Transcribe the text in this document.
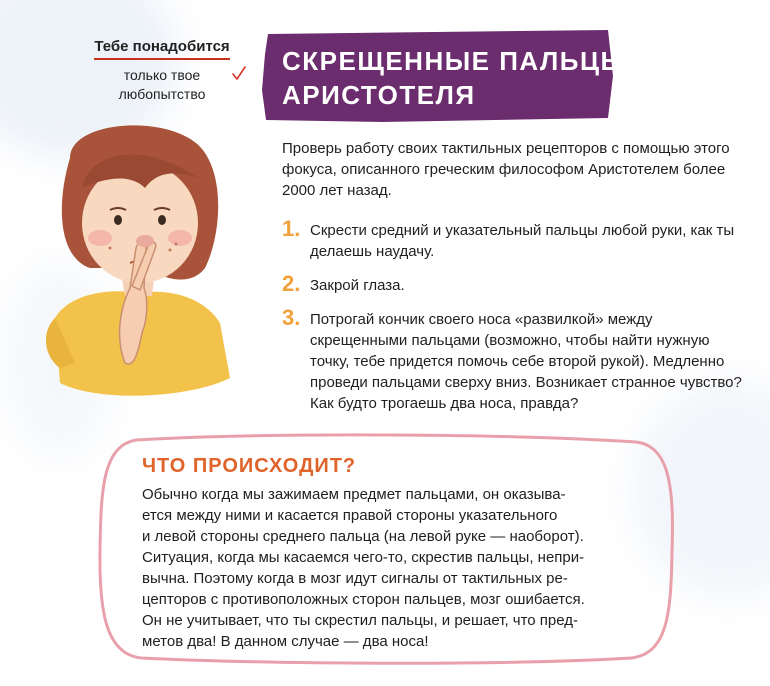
Тебе понадобится
только твое
любопытство
СКРЕЩЕННЫЕ ПАЛЬЦЫ
АРИСТОТЕЛЯ
Проверь работу своих тактильных рецепторов с помощью этого фокуса, описанного греческим философом Аристотелем более 2000 лет назад.
1. Скрести средний и указательный пальцы любой руки, как ты делаешь наудачу.
2. Закрой глаза.
3. Потрогай кончик своего носа «развилкой» между скрещенными пальцами (возможно, чтобы найти нужную точку, тебе придется помочь себе второй рукой). Медленно проведи пальцами сверху вниз. Возникает странное чувство? Как будто трогаешь два носа, правда?
ЧТО ПРОИСХОДИТ?
Обычно когда мы зажимаем предмет пальцами, он оказыва-
ется между ними и касается правой стороны указательного
и левой стороны среднего пальца (на левой руке — наоборот).
Ситуация, когда мы касаемся чего-то, скрестив пальцы, непри-
вычна. Поэтому когда в мозг идут сигналы от тактильных ре-
цепторов с противоположных сторон пальцев, мозг ошибается.
Он не учитывает, что ты скрестил пальцы, и решает, что пред-
метов два! В данном случае — два носа!
